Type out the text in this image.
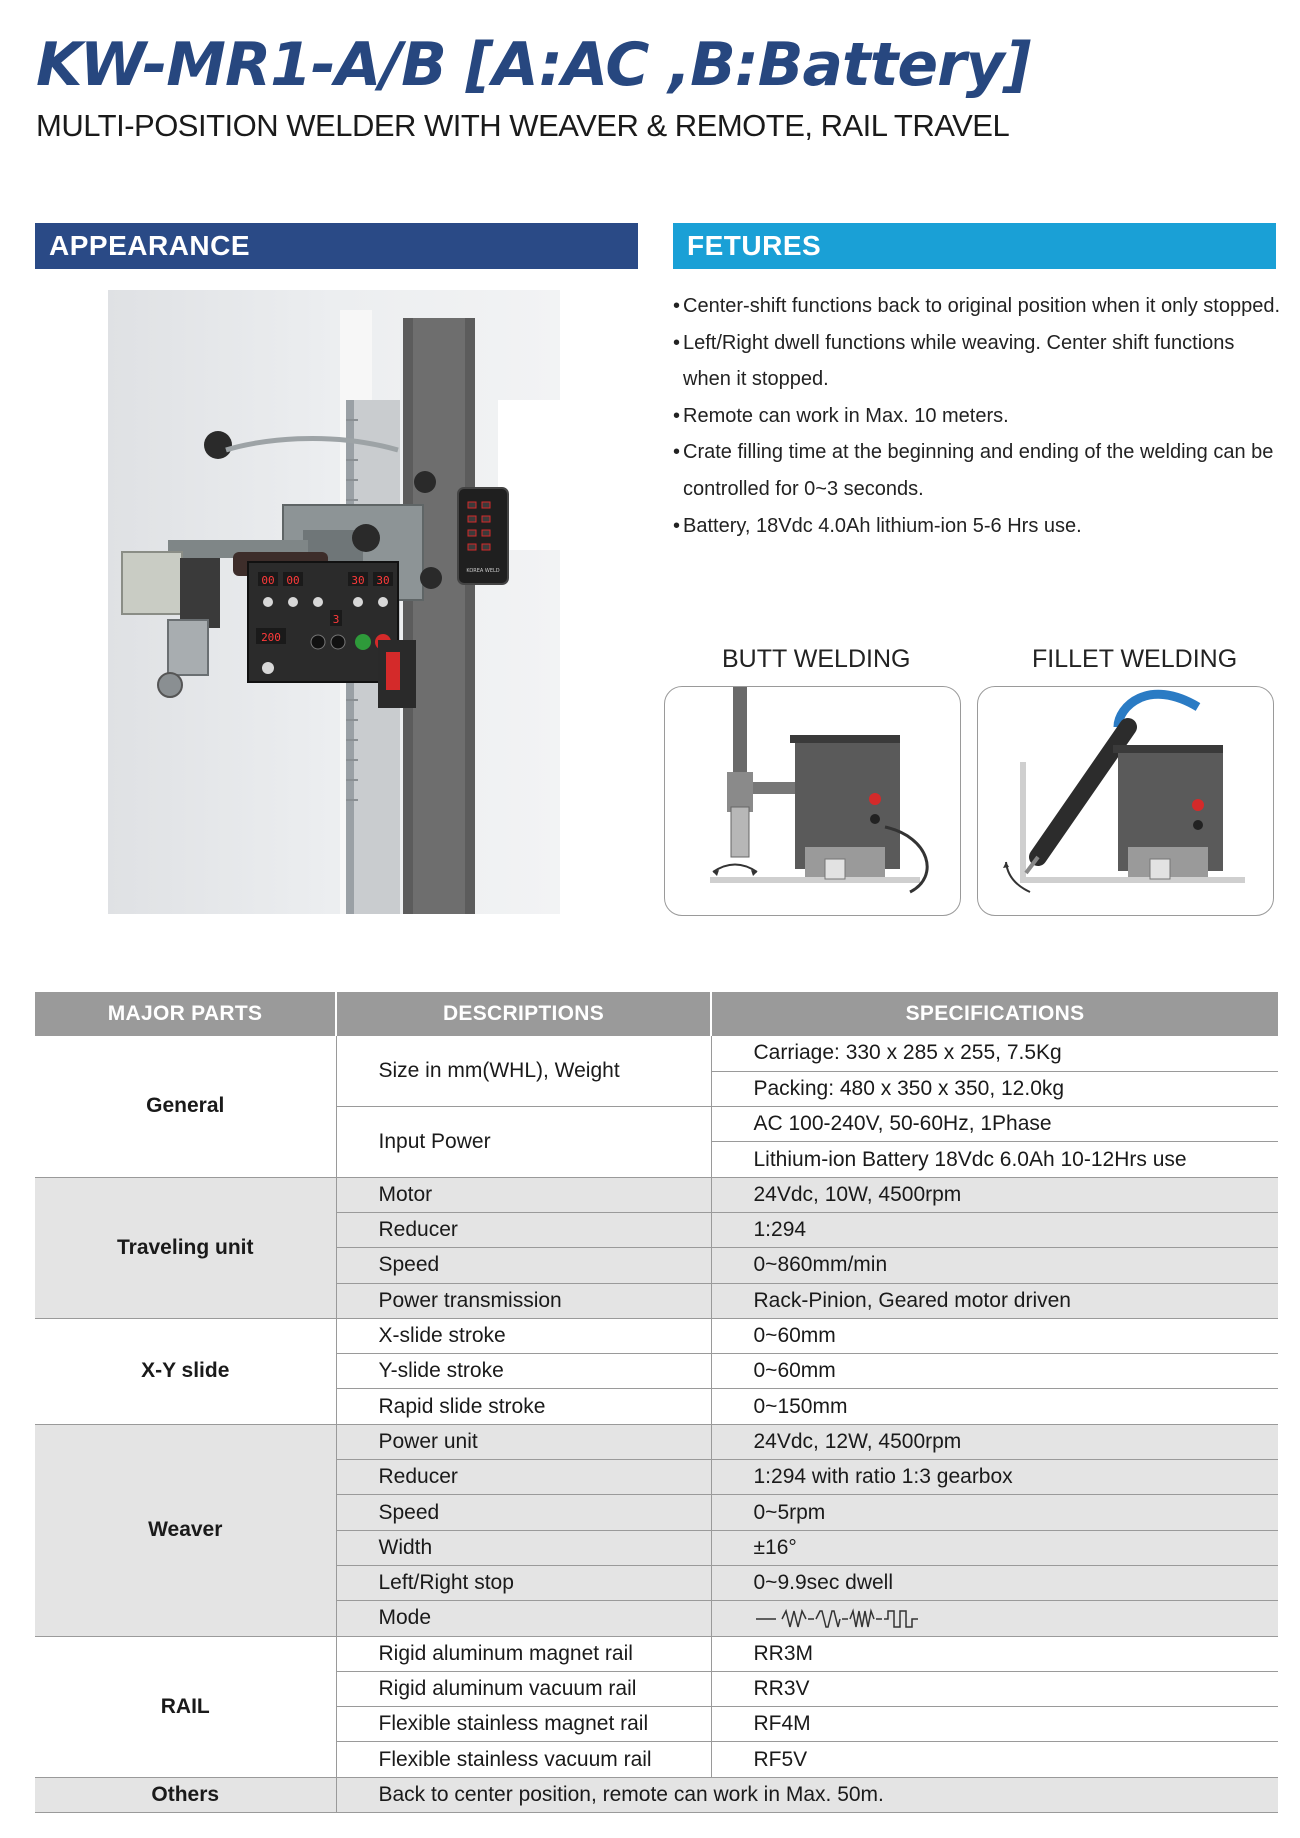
KW-MR1-A/B [A:AC ,B:Battery]
MULTI-POSITION WELDER WITH WEAVER & REMOTE, RAIL TRAVEL
APPEARANCE	FETURES
00 00	30 30
3
200
KOREA WELD
• Center-shift functions back to original position when it only stopped.
• Left/Right dwell functions while weaving. Center shift functions when it stopped.
• Remote can work in Max. 10 meters.
• Crate filling time at the beginning and ending of the welding can be controlled for 0~3 seconds.
• Battery, 18Vdc 4.0Ah lithium-ion 5-6 Hrs use.
BUTT WELDING	FILLET WELDING
MAJOR PARTS	DESCRIPTIONS	SPECIFICATIONS
General	Size in mm(WHL), Weight	Carriage: 330 x 285 x 255, 7.5Kg
		Packing: 480 x 350 x 350, 12.0kg
	Input Power	AC 100-240V, 50-60Hz, 1Phase
		Lithium-ion Battery 18Vdc 6.0Ah 10-12Hrs use
Traveling unit	Motor	24Vdc, 10W, 4500rpm
	Reducer	1:294
	Speed	0~860mm/min
	Power transmission	Rack-Pinion, Geared motor driven
X-Y slide	X-slide stroke	0~60mm
	Y-slide stroke	0~60mm
	Rapid slide stroke	0~150mm
Weaver	Power unit	24Vdc, 12W, 4500rpm
	Reducer	1:294 with ratio 1:3 gearbox
	Speed	0~5rpm
	Width	±16°
	Left/Right stop	0~9.9sec dwell
	Mode	
RAIL	Rigid aluminum magnet rail	RR3M
	Rigid aluminum vacuum rail	RR3V
	Flexible stainless magnet rail	RF4M
	Flexible stainless vacuum rail	RF5V
Others	Back to center position, remote can work in Max. 50m.	
